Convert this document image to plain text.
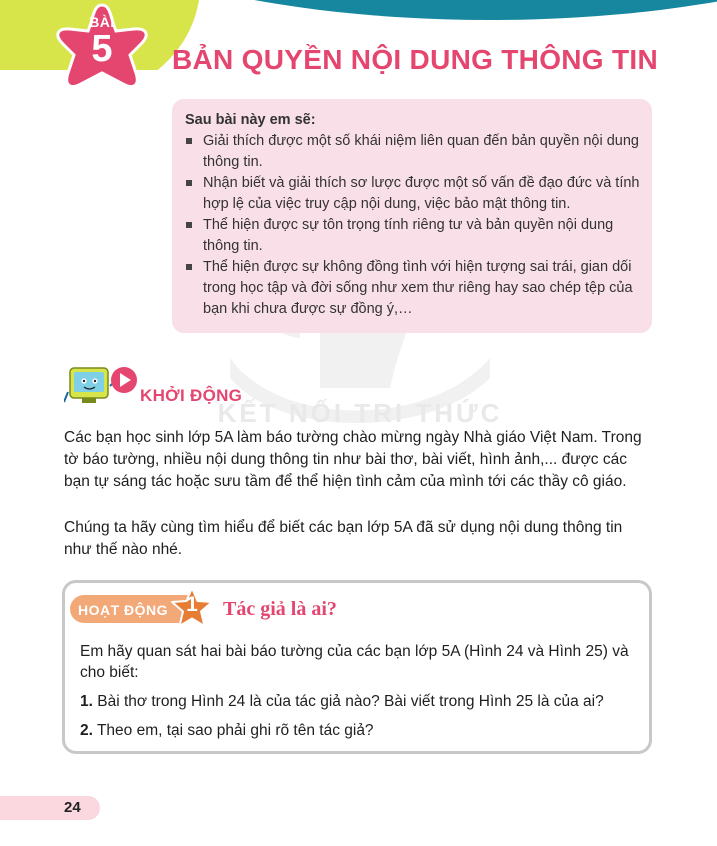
BÀI
5	BẢN QUYỀN NỘI DUNG THÔNG TIN
KẾT NỐI TRI THỨC
Sau bài này em sẽ:
Giải thích được một số khái niệm liên quan đến bản quyền nội dung thông tin.
Nhận biết và giải thích sơ lược được một số vấn đề đạo đức và tính hợp lệ của việc truy cập nội dung, việc bảo mật thông tin.
Thể hiện được sự tôn trọng tính riêng tư và bản quyền nội dung thông tin.
Thể hiện được sự không đồng tình với hiện tượng sai trái, gian dối trong học tập và đời sống như xem thư riêng hay sao chép tệp của bạn khi chưa được sự đồng ý,…
KHỞI ĐỘNG

Các bạn học sinh lớp 5A làm báo tường chào mừng ngày Nhà giáo Việt Nam. Trong tờ báo tường, nhiều nội dung thông tin như bài thơ, bài viết, hình ảnh,... được các bạn tự sáng tác hoặc sưu tầm để thể hiện tình cảm của mình tới các thầy cô giáo.

Chúng ta hãy cùng tìm hiểu để biết các bạn lớp 5A đã sử dụng nội dung thông tin như thế nào nhé.

HOẠT ĐỘNG 1	Tác giả là ai?
Em hãy quan sát hai bài báo tường của các bạn lớp 5A (Hình 24 và Hình 25) và cho biết:
1. Bài thơ trong Hình 24 là của tác giả nào? Bài viết trong Hình 25 là của ai?
2. Theo em, tại sao phải ghi rõ tên tác giả?
24
